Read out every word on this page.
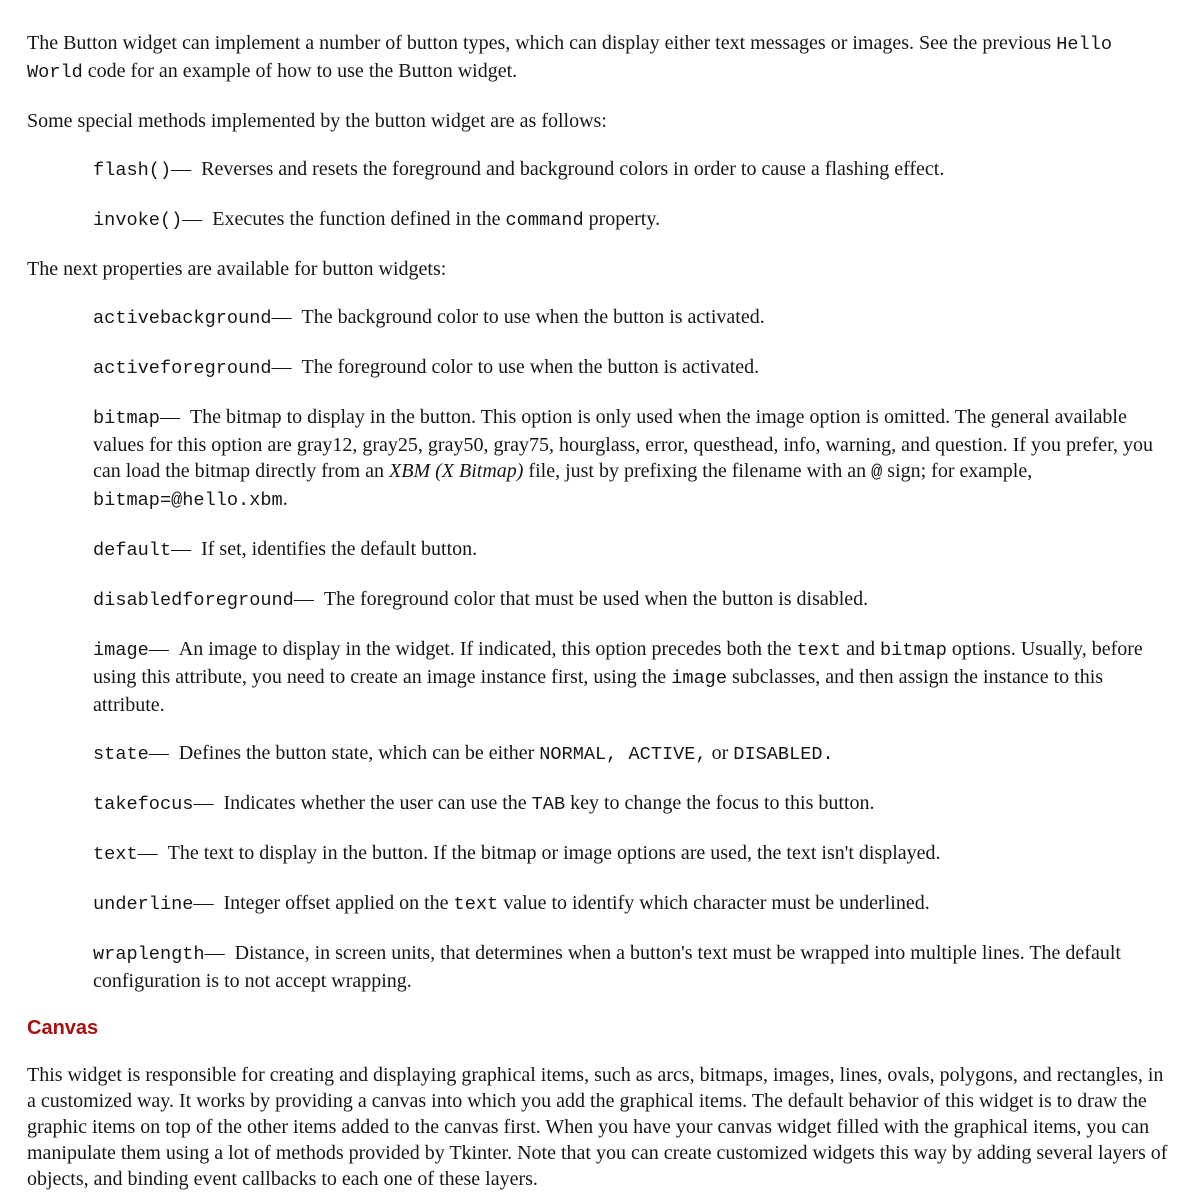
The Button widget can implement a number of button types, which can display either text messages or images. See the previous Hello World code for an example of how to use the Button widget.

Some special methods implemented by the button widget are as follows:

flash()— Reverses and resets the foreground and background colors in order to cause a flashing effect.
invoke()— Executes the function defined in the command property.

The next properties are available for button widgets:

activebackground— The background color to use when the button is activated.
activeforeground— The foreground color to use when the button is activated.
bitmap— The bitmap to display in the button. This option is only used when the image option is omitted. The general available values for this option are gray12, gray25, gray50, gray75, hourglass, error, questhead, info, warning, and question. If you prefer, you can load the bitmap directly from an XBM (X Bitmap) file, just by prefixing the filename with an @ sign; for example, bitmap=@hello.xbm.
default— If set, identifies the default button.
disabledforeground— The foreground color that must be used when the button is disabled.
image— An image to display in the widget. If indicated, this option precedes both the text and bitmap options. Usually, before using this attribute, you need to create an image instance first, using the image subclasses, and then assign the instance to this attribute.
state— Defines the button state, which can be either NORMAL, ACTIVE, or DISABLED.
takefocus— Indicates whether the user can use the TAB key to change the focus to this button.
text— The text to display in the button. If the bitmap or image options are used, the text isn't displayed.
underline— Integer offset applied on the text value to identify which character must be underlined.
wraplength— Distance, in screen units, that determines when a button's text must be wrapped into multiple lines. The default configuration is to not accept wrapping.
Canvas

This widget is responsible for creating and displaying graphical items, such as arcs, bitmaps, images, lines, ovals, polygons, and rectangles, in a customized way. It works by providing a canvas into which you add the graphical items. The default behavior of this widget is to draw the graphic items on top of the other items added to the canvas first. When you have your canvas widget filled with the graphical items, you can manipulate them using a lot of methods provided by Tkinter. Note that you can create customized widgets this way by adding several layers of objects, and binding event callbacks to each one of these layers.
